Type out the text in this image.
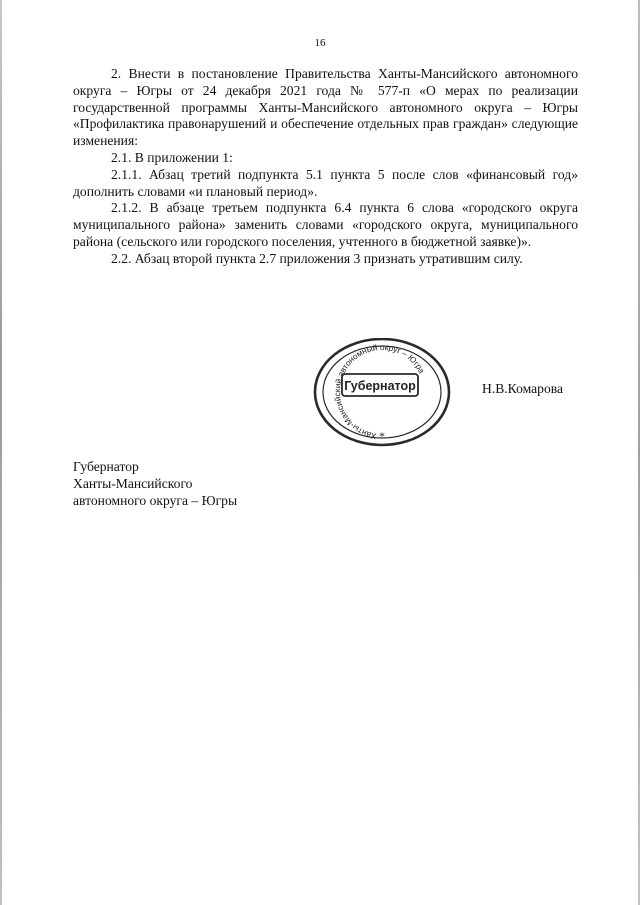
16

2. Внести в постановление Правительства Ханты-Мансийского автономного округа – Югры от 24 декабря 2021 года № 577-п «О мерах по реализации государственной программы Ханты-Мансийского автономного округа – Югры «Профилактика правонарушений и обеспечение отдельных прав граждан» следующие изменения:

2.1. В приложении 1:

2.1.1. Абзац третий подпункта 5.1 пункта 5 после слов «финансовый год» дополнить словами «и плановый период».

2.1.2. В абзаце третьем подпункта 6.4 пункта 6 слова «городского округа муниципального района» заменить словами «городского округа, муниципального района (сельского или городского поселения, учтенного в бюджетной заявке)».

2.2. Абзац второй пункта 2.7 приложения 3 признать утратившим силу.

Губернатор
Ханты-Мансийского
автономного округа – Югры
Губернатор
Ханты-Мансийский автономный округ – Югра
*
Н.В.Комарова
